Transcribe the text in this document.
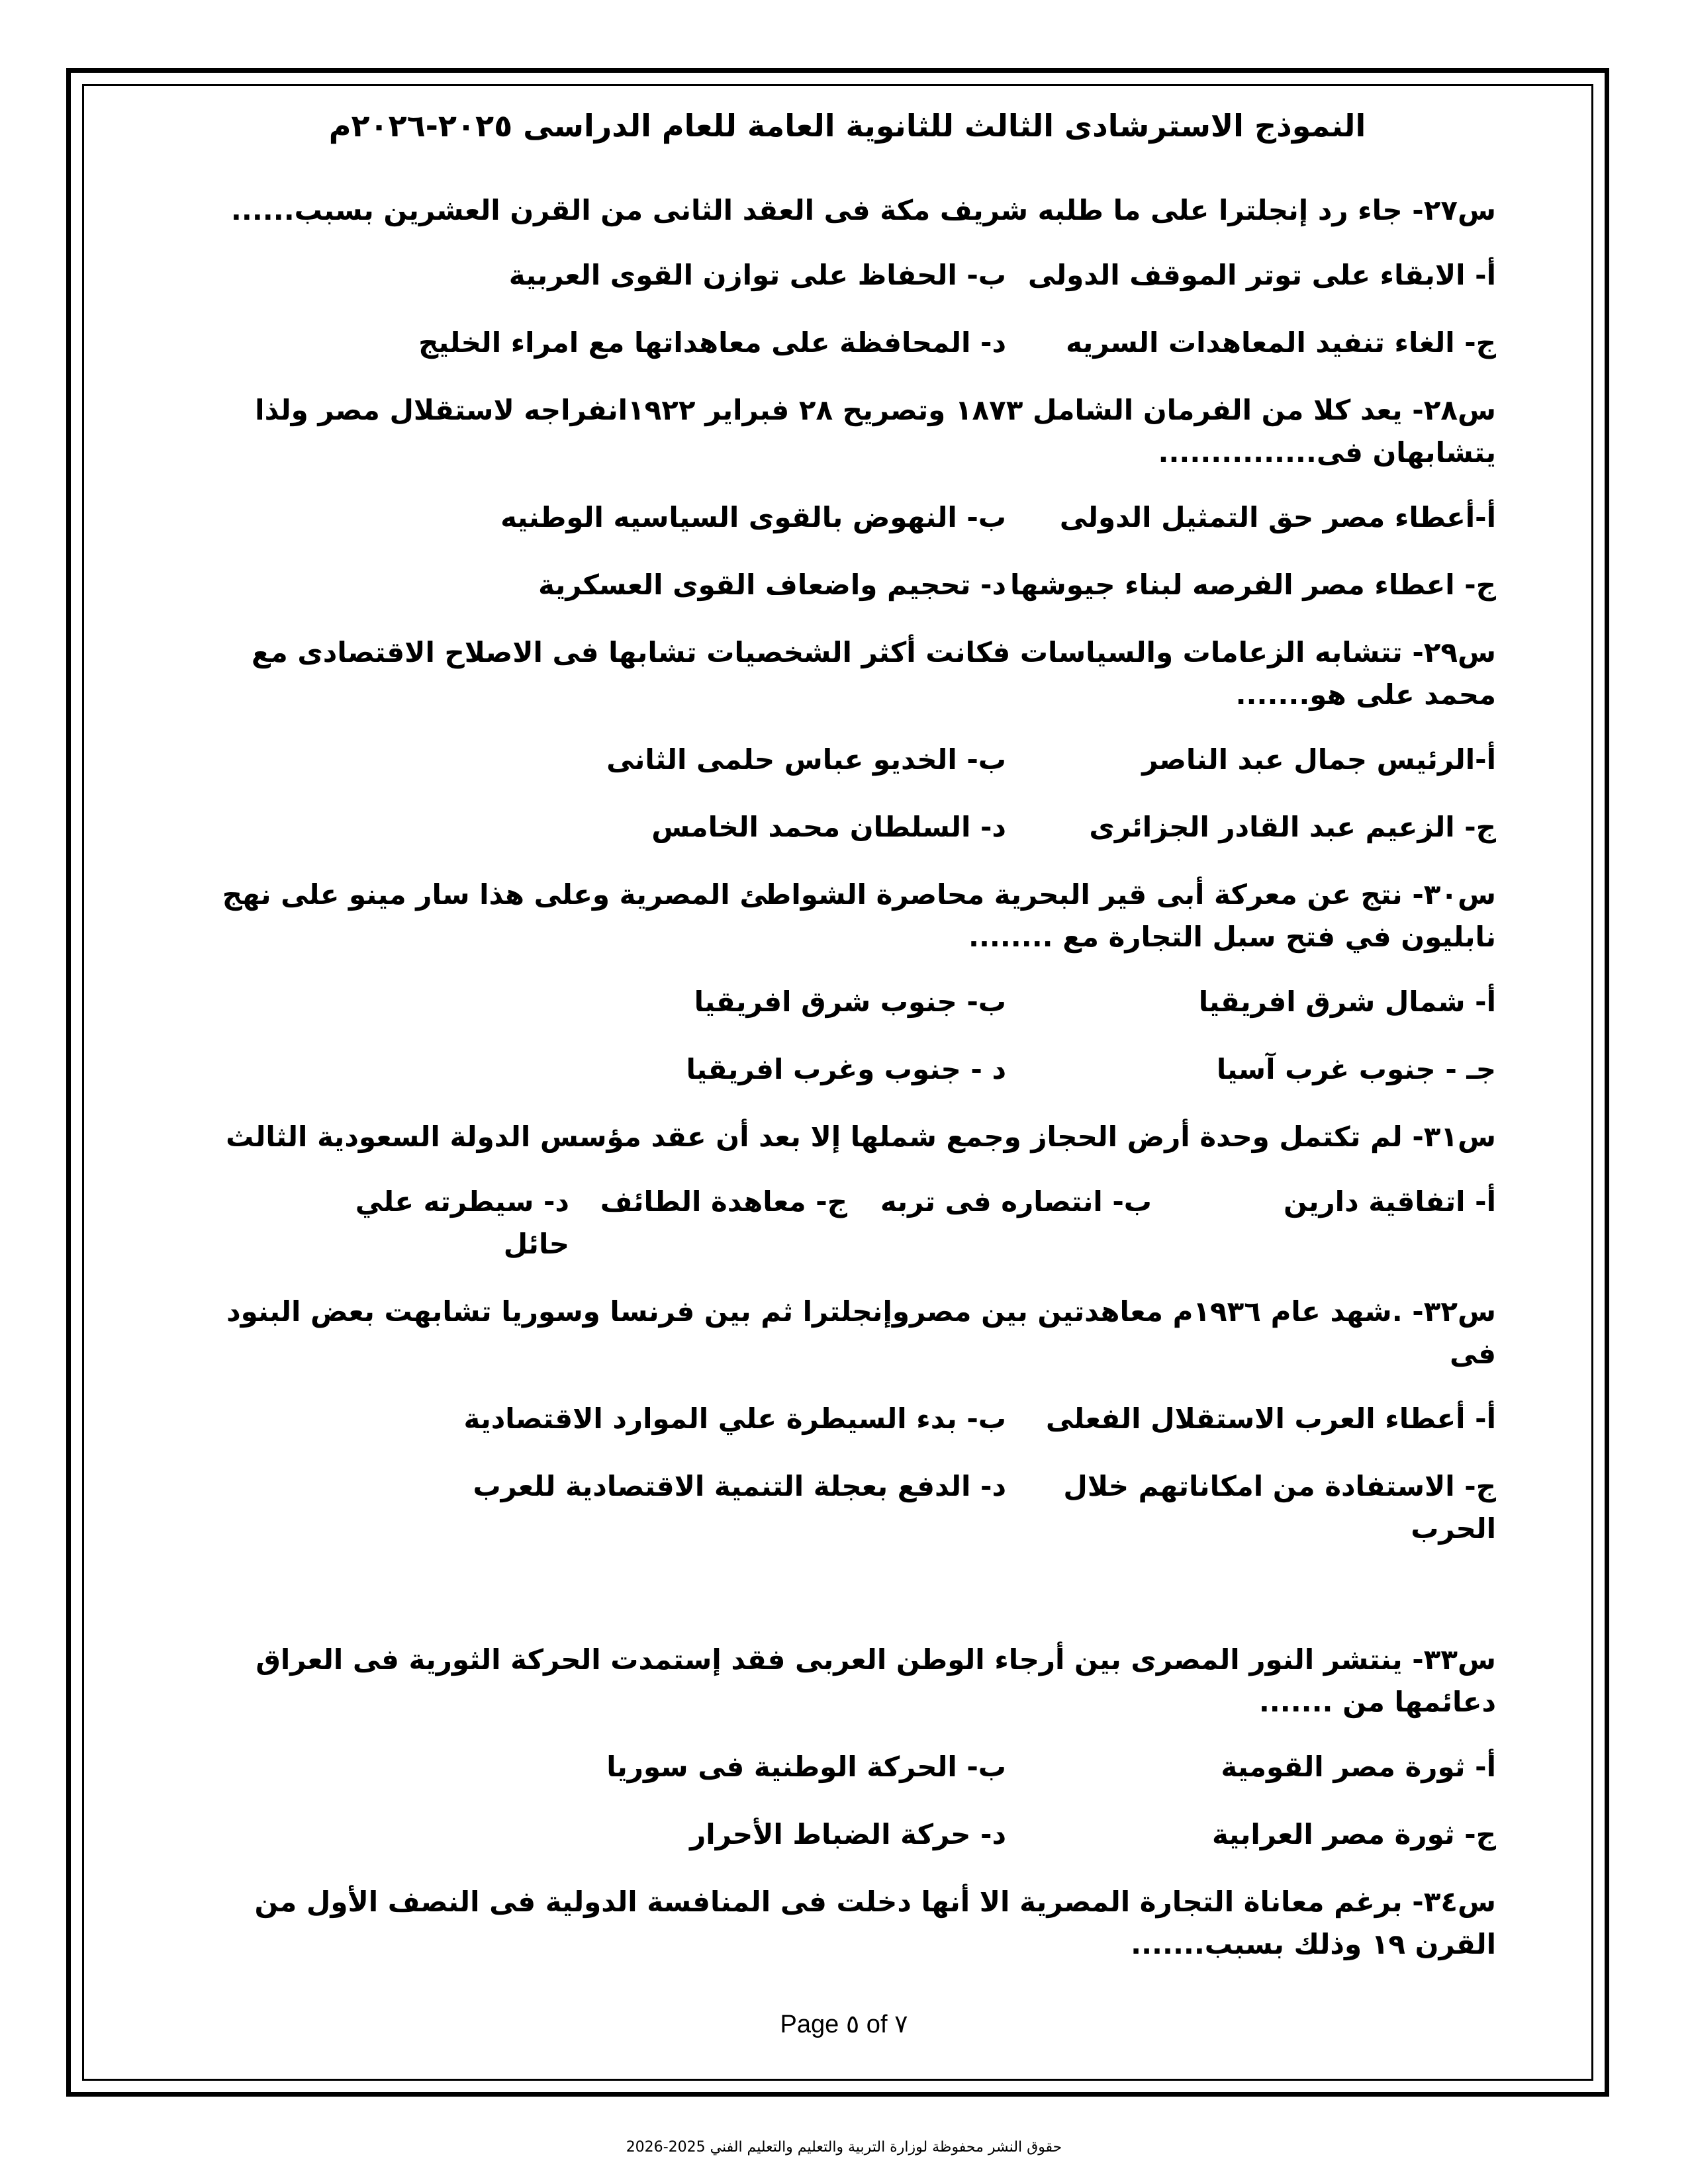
النموذج الاسترشادى الثالث للثانوية العامة للعام الدراسى ٢٠٢٥-٢٠٢٦م
س٢٧- جاء رد إنجلترا على ما طلبه شريف مكة فى العقد الثانى من القرن العشرين بسبب......
أ- الابقاء على توتر الموقف الدولى
ب- الحفاظ على توازن القوى العربية
ج- الغاء تنفيد المعاهدات السريه
د- المحافظة على معاهداتها مع امراء الخليج
س٢٨- يعد كلا من الفرمان الشامل ١٨٧٣ وتصريح ٢٨ فبراير ١٩٢٢انفراجه لاستقلال مصر ولذا يتشابهان فى...............
أ-أعطاء مصر حق التمثيل الدولى
ب- النهوض بالقوى السياسيه الوطنيه
ج- اعطاء مصر الفرصه لبناء جيوشها
د- تحجيم واضعاف القوى العسكرية
س٢٩- تتشابه الزعامات والسياسات فكانت أكثر الشخصيات تشابها فى الاصلاح الاقتصادى مع محمد على هو.......
أ-الرئيس جمال عبد الناصر
ب- الخديو عباس حلمى الثانى
ج- الزعيم عبد القادر الجزائرى
د- السلطان محمد الخامس
س٣٠- نتج عن معركة أبى قير البحرية محاصرة الشواطئ المصرية وعلى هذا سار مينو على نهج نابليون في فتح سبل التجارة مع ........
أ- شمال شرق افريقيا
ب- جنوب شرق افريقيا
جـ - جنوب غرب آسيا
د - جنوب وغرب افريقيا
س٣١- لم تكتمل وحدة أرض الحجاز وجمع شملها إلا بعد أن عقد مؤسس الدولة السعودية الثالث
أ- اتفاقية دارين
ب- انتصاره فى تربه
ج- معاهدة الطائف
د- سيطرته علي حائل
س٣٢- .شهد عام ١٩٣٦م معاهدتين بين مصروإنجلترا ثم بين فرنسا وسوريا تشابهت بعض البنود فى
أ- أعطاء العرب الاستقلال الفعلى
ب- بدء السيطرة علي الموارد الاقتصادية
ج- الاستفادة من امكاناتهم خلال الحرب
د- الدفع بعجلة التنمية الاقتصادية للعرب
س٣٣- ينتشر النور المصرى بين أرجاء الوطن العربى فقد إستمدت الحركة الثورية فى العراق دعائمها من .......
أ- ثورة مصر القومية
ب- الحركة الوطنية فى سوريا
ج- ثورة مصر العرابية
د- حركة الضباط الأحرار
س٣٤- برغم معاناة التجارة المصرية الا أنها دخلت فى المنافسة الدولية فى النصف الأول من القرن ١٩ وذلك بسبب.......
Page ٥ of ٧
حقوق النشر محفوظة لوزارة التربية والتعليم والتعليم الفني 2025-2026
